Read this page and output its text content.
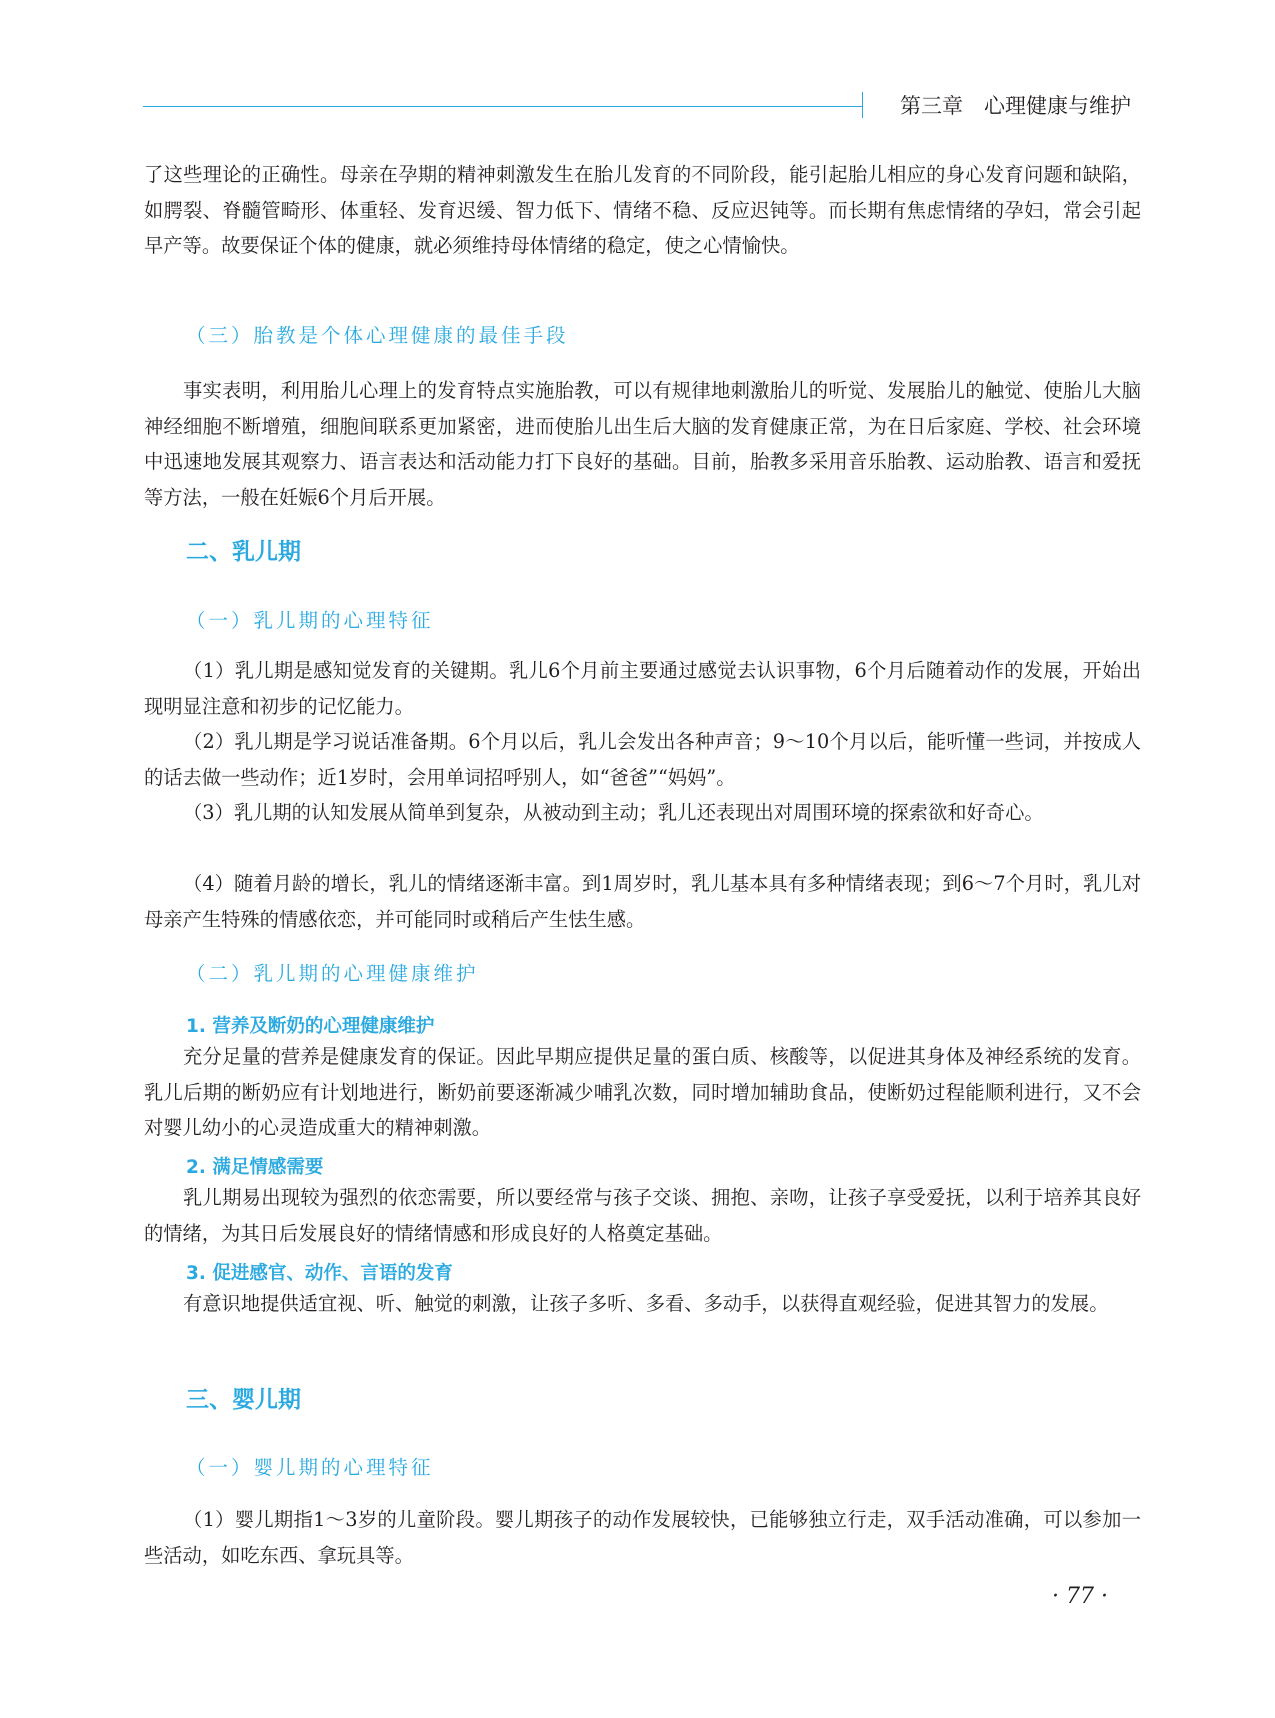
第三章　心理健康与维护

了这些理论的正确性。母亲在孕期的精神刺激发生在胎儿发育的不同阶段，能引起胎儿相应的身心发育问题和缺陷，如腭裂、脊髓管畸形、体重轻、发育迟缓、智力低下、情绪不稳、反应迟钝等。而长期有焦虑情绪的孕妇，常会引起早产等。故要保证个体的健康，就必须维持母体情绪的稳定，使之心情愉快。

（三）胎教是个体心理健康的最佳手段

事实表明，利用胎儿心理上的发育特点实施胎教，可以有规律地刺激胎儿的听觉、发展胎儿的触觉、使胎儿大脑神经细胞不断增殖，细胞间联系更加紧密，进而使胎儿出生后大脑的发育健康正常，为在日后家庭、学校、社会环境中迅速地发展其观察力、语言表达和活动能力打下良好的基础。目前，胎教多采用音乐胎教、运动胎教、语言和爱抚等方法，一般在妊娠6个月后开展。

二、乳儿期

（一）乳儿期的心理特征

（1）乳儿期是感知觉发育的关键期。乳儿6个月前主要通过感觉去认识事物，6个月后随着动作的发展，开始出现明显注意和初步的记忆能力。

（2）乳儿期是学习说话准备期。6个月以后，乳儿会发出各种声音；9～10个月以后，能听懂一些词，并按成人的话去做一些动作；近1岁时，会用单词招呼别人，如“爸爸”“妈妈”。

（3）乳儿期的认知发展从简单到复杂，从被动到主动；乳儿还表现出对周围环境的探索欲和好奇心。

（4）随着月龄的增长，乳儿的情绪逐渐丰富。到1周岁时，乳儿基本具有多种情绪表现；到6～7个月时，乳儿对母亲产生特殊的情感依恋，并可能同时或稍后产生怯生感。

（二）乳儿期的心理健康维护

1. 营养及断奶的心理健康维护

充分足量的营养是健康发育的保证。因此早期应提供足量的蛋白质、核酸等，以促进其身体及神经系统的发育。乳儿后期的断奶应有计划地进行，断奶前要逐渐减少哺乳次数，同时增加辅助食品，使断奶过程能顺利进行，又不会对婴儿幼小的心灵造成重大的精神刺激。

2. 满足情感需要

乳儿期易出现较为强烈的依恋需要，所以要经常与孩子交谈、拥抱、亲吻，让孩子享受爱抚，以利于培养其良好的情绪，为其日后发展良好的情绪情感和形成良好的人格奠定基础。

3. 促进感官、动作、言语的发育

有意识地提供适宜视、听、触觉的刺激，让孩子多听、多看、多动手，以获得直观经验，促进其智力的发展。

三、婴儿期

（一）婴儿期的心理特征

（1）婴儿期指1～3岁的儿童阶段。婴儿期孩子的动作发展较快，已能够独立行走，双手活动准确，可以参加一些活动，如吃东西、拿玩具等。

· 77 ·
